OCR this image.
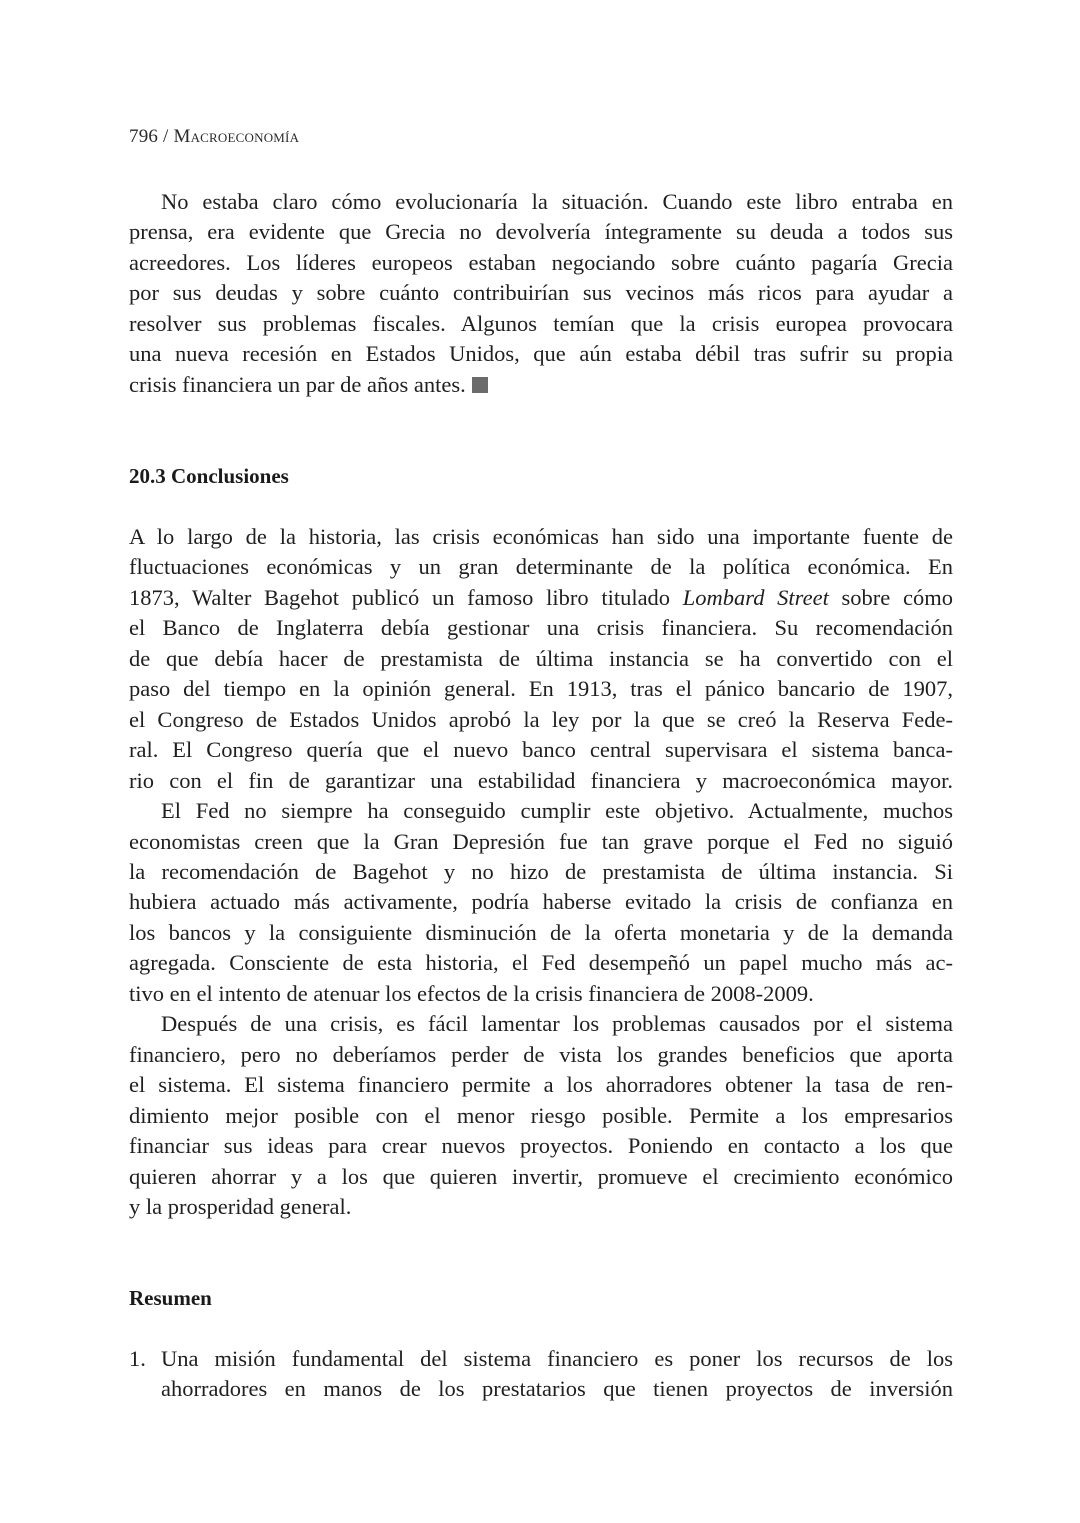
796 / Macroeconomía
No estaba claro cómo evolucionaría la situación. Cuando este libro entraba en
prensa, era evidente que Grecia no devolvería íntegramente su deuda a todos sus
acreedores. Los líderes europeos estaban negociando sobre cuánto pagaría Grecia
por sus deudas y sobre cuánto contribuirían sus vecinos más ricos para ayudar a
resolver sus problemas fiscales. Algunos temían que la crisis europea provocara
una nueva recesión en Estados Unidos, que aún estaba débil tras sufrir su propia
crisis financiera un par de años antes.
20.3 Conclusiones
A lo largo de la historia, las crisis económicas han sido una importante fuente de
fluctuaciones económicas y un gran determinante de la política económica. En
1873, Walter Bagehot publicó un famoso libro titulado Lombard Street sobre cómo
el Banco de Inglaterra debía gestionar una crisis financiera. Su recomendación
de que debía hacer de prestamista de última instancia se ha convertido con el
paso del tiempo en la opinión general. En 1913, tras el pánico bancario de 1907,
el Congreso de Estados Unidos aprobó la ley por la que se creó la Reserva Fede-
ral. El Congreso quería que el nuevo banco central supervisara el sistema banca-
rio con el fin de garantizar una estabilidad financiera y macroeconómica mayor.
El Fed no siempre ha conseguido cumplir este objetivo. Actualmente, muchos
economistas creen que la Gran Depresión fue tan grave porque el Fed no siguió
la recomendación de Bagehot y no hizo de prestamista de última instancia. Si
hubiera actuado más activamente, podría haberse evitado la crisis de confianza en
los bancos y la consiguiente disminución de la oferta monetaria y de la demanda
agregada. Consciente de esta historia, el Fed desempeñó un papel mucho más ac-
tivo en el intento de atenuar los efectos de la crisis financiera de 2008-2009.
Después de una crisis, es fácil lamentar los problemas causados por el sistema
financiero, pero no deberíamos perder de vista los grandes beneficios que aporta
el sistema. El sistema financiero permite a los ahorradores obtener la tasa de ren-
dimiento mejor posible con el menor riesgo posible. Permite a los empresarios
financiar sus ideas para crear nuevos proyectos. Poniendo en contacto a los que
quieren ahorrar y a los que quieren invertir, promueve el crecimiento económico
y la prosperidad general.
Resumen
1. Una misión fundamental del sistema financiero es poner los recursos de los
ahorradores en manos de los prestatarios que tienen proyectos de inversión
